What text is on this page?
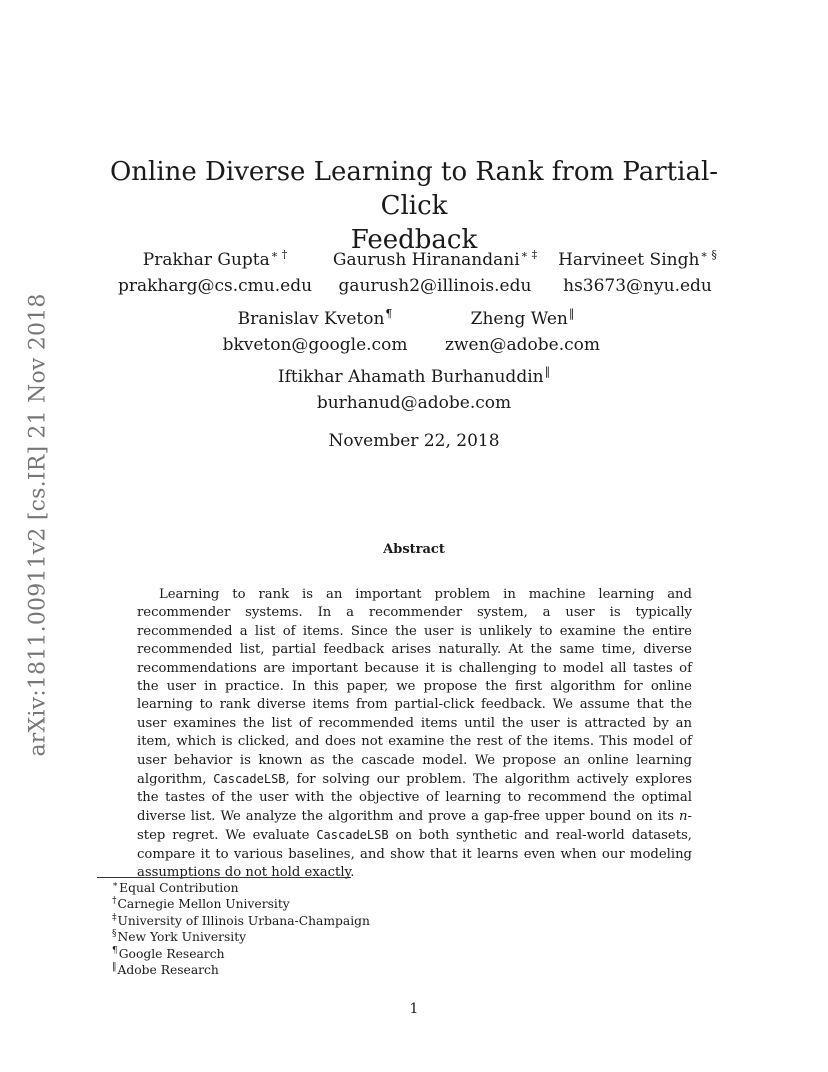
arXiv:1811.00911v2 [cs.IR] 21 Nov 2018
Online Diverse Learning to Rank from Partial-Click
Feedback
Prakhar Gupta∗ †
prakharg@cs.cmu.edu
Gaurush Hiranandani∗ ‡
gaurush2@illinois.edu
Harvineet Singh∗ §
hs3673@nyu.edu
Branislav Kveton¶
bkveton@google.com
Zheng Wen‖
zwen@adobe.com
Iftikhar Ahamath Burhanuddin‖
burhanud@adobe.com
November 22, 2018
Abstract
Learning to rank is an important problem in machine learning and recommender systems. In a recommender system, a user is typically recommended a list of items. Since the user is unlikely to examine the entire recommended list, partial feedback arises naturally. At the same time, diverse recommendations are important because it is challenging to model all tastes of the user in practice. In this paper, we propose the first algorithm for online learning to rank diverse items from partial-click feedback. We assume that the user examines the list of recommended items until the user is attracted by an item, which is clicked, and does not examine the rest of the items. This model of user behavior is known as the cascade model. We propose an online learning algorithm, CascadeLSB, for solving our problem. The algorithm actively explores the tastes of the user with the objective of learning to recommend the optimal diverse list. We analyze the algorithm and prove a gap-free upper bound on its n-step regret. We evaluate CascadeLSB on both synthetic and real-world datasets, compare it to various baselines, and show that it learns even when our modeling assumptions do not hold exactly.
∗Equal Contribution
†Carnegie Mellon University
‡University of Illinois Urbana-Champaign
§New York University
¶Google Research
‖Adobe Research
1
